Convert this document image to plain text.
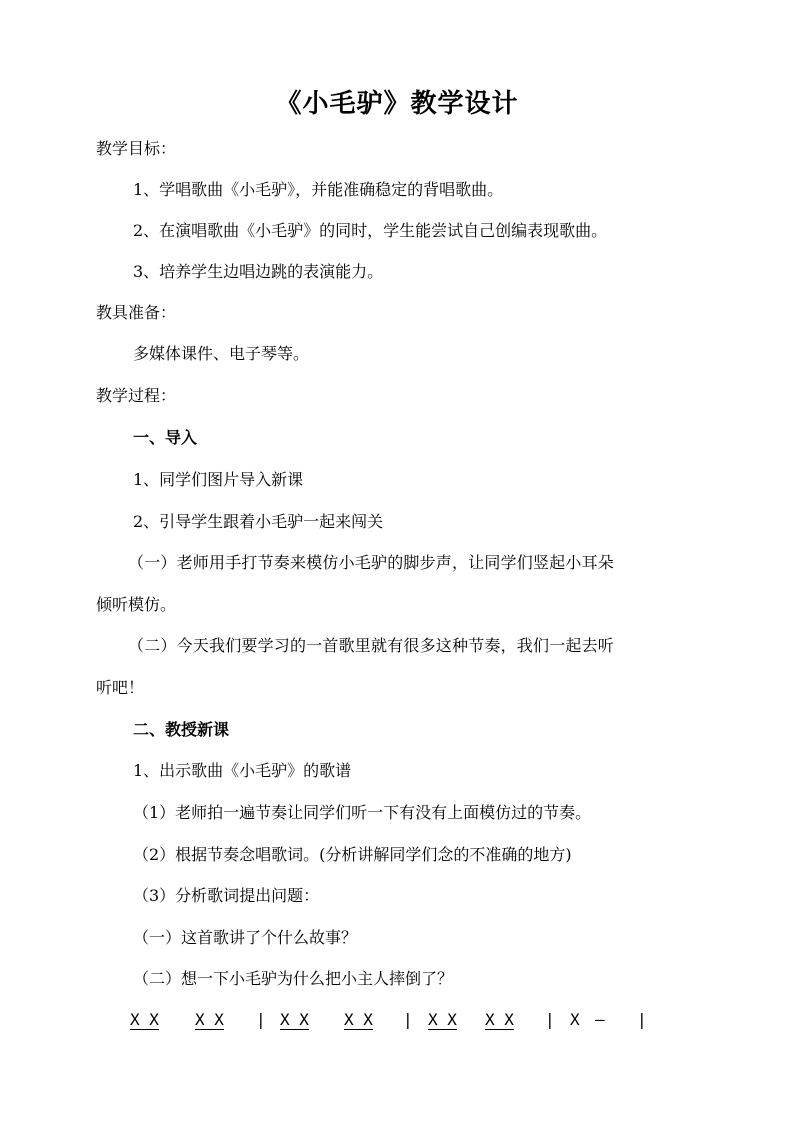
《小毛驴》教学设计
教学目标：
1、学唱歌曲《小毛驴》，并能准确稳定的背唱歌曲。
2、在演唱歌曲《小毛驴》的同时，学生能尝试自己创编表现歌曲。
3、培养学生边唱边跳的表演能力。
教具准备：
多媒体课件、电子琴等。
教学过程：
一、导入
1、同学们图片导入新课
2、引导学生跟着小毛驴一起来闯关
（一）老师用手打节奏来模仿小毛驴的脚步声，让同学们竖起小耳朵
倾听模仿。
（二）今天我们要学习的一首歌里就有很多这种节奏，我们一起去听
听吧！
二、教授新课
1、出示歌曲《小毛驴》的歌谱
（1）老师拍一遍节奏让同学们听一下有没有上面模仿过的节奏。
（2）根据节奏念唱歌词。(分析讲解同学们念的不准确的地方)
（3）分析歌词提出问题：
（一）这首歌讲了个什么故事？
（二）想一下小毛驴为什么把小主人摔倒了？
X X X X | X X X X | X X X X | X — |
